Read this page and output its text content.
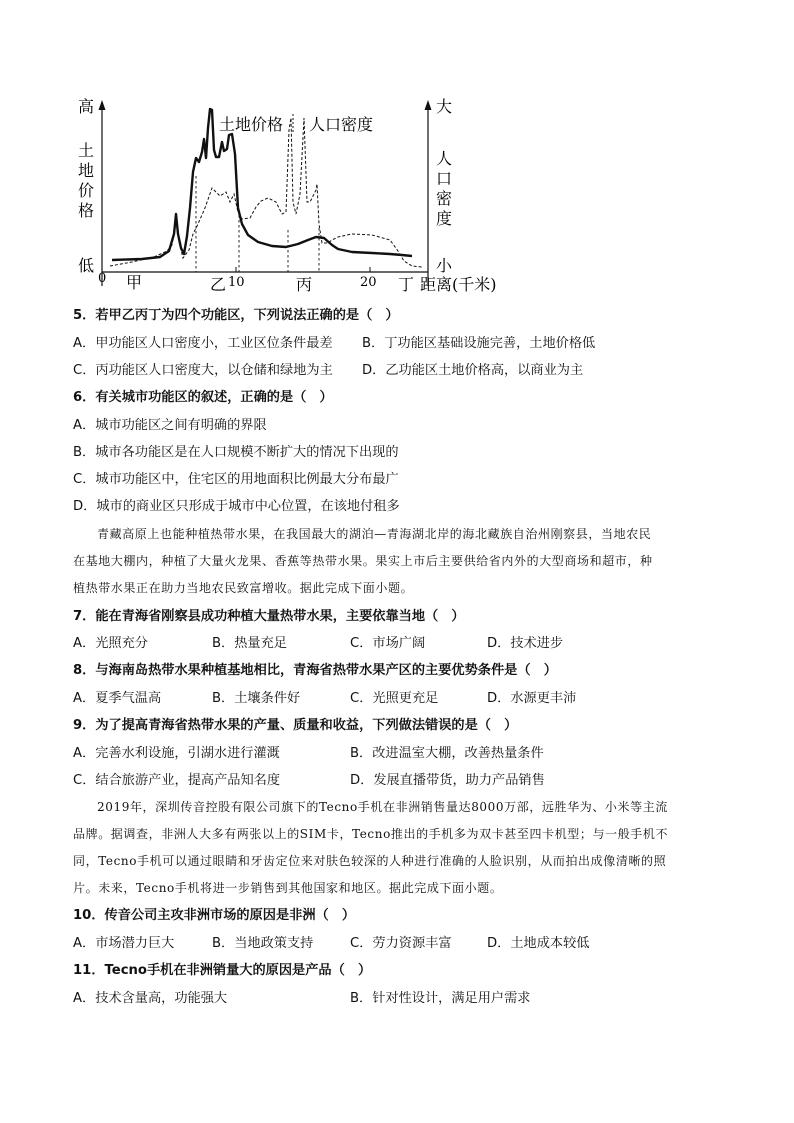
高
土
地
价
格
低
大
人
口
密
度
小
土地价格 人口密度
0 甲	乙 10	丙	20 丁 距离(千米)
5．若甲乙丙丁为四个功能区，下列说法正确的是（　）
A．甲功能区人口密度小，工业区位条件最差 B．丁功能区基础设施完善，土地价格低
C．丙功能区人口密度大，以仓储和绿地为主 D．乙功能区土地价格高，以商业为主
6．有关城市功能区的叙述，正确的是（　）
A．城市功能区之间有明确的界限
B．城市各功能区是在人口规模不断扩大的情况下出现的
C．城市功能区中，住宅区的用地面积比例最大分布最广
D．城市的商业区只形成于城市中心位置，在该地付租多
青藏高原上也能种植热带水果，在我国最大的湖泊—青海湖北岸的海北藏族自治州刚察县，当地农民
在基地大棚内，种植了大量火龙果、香蕉等热带水果。果实上市后主要供给省内外的大型商场和超市，种
植热带水果正在助力当地农民致富增收。据此完成下面小题。
7．能在青海省刚察县成功种植大量热带水果，主要依靠当地（　）
A．光照充分	B．热量充足	C．市场广阔	D．技术进步
8．与海南岛热带水果种植基地相比，青海省热带水果产区的主要优势条件是（　）
A．夏季气温高	B．土壤条件好	C．光照更充足	D．水源更丰沛
9．为了提高青海省热带水果的产量、质量和收益，下列做法错误的是（　）
A．完善水利设施，引湖水进行灌溉	B．改进温室大棚，改善热量条件
C．结合旅游产业，提高产品知名度	D．发展直播带货，助力产品销售
2019年，深圳传音控股有限公司旗下的Tecno手机在非洲销售量达8000万部，远胜华为、小米等主流
品牌。据调查，非洲人大多有两张以上的SIM卡，Tecno推出的手机多为双卡甚至四卡机型；与一般手机不
同，Tecno手机可以通过眼睛和牙齿定位来对肤色较深的人种进行准确的人脸识别，从而拍出成像清晰的照
片。未来，Tecno手机将进一步销售到其他国家和地区。据此完成下面小题。
10．传音公司主攻非洲市场的原因是非洲（　）
A．市场潜力巨大	B．当地政策支持	C．劳力资源丰富	D．土地成本较低
11．Tecno手机在非洲销量大的原因是产品（　）
A．技术含量高，功能强大	B．针对性设计，满足用户需求
